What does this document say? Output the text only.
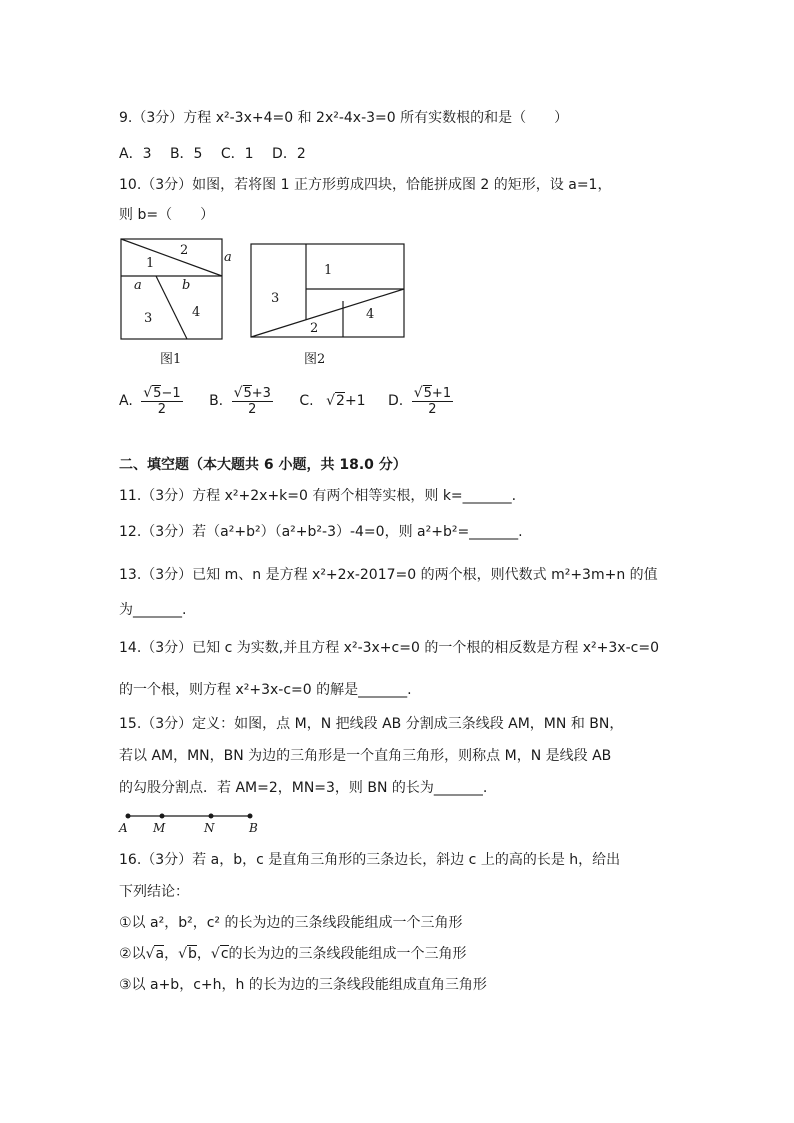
9.（3分）方程 x²-3x+4=0 和 2x²-4x-3=0 所有实数根的和是（　　）
A．3 B．5 C．1 D．2
10.（3分）如图，若将图 1 正方形剪成四块，恰能拼成图 2 的矩形，设 a=1，
则 b=（　　）
2
1	a
a	b
3	4
图1
3
1
2
4
图2
A. $\frac{√5-1}{2} B$. $\frac{√5+3}{2} C$. √2+1 D. $\frac{√5+1}{2}$
二、填空题（本大题共 6 小题，共 18.0 分）
11.（3分）方程 x²+2x+k=0 有两个相等实根，则 k=_______.
12.（3分）若（a²+b²）（a²+b²-3）-4=0，则 a²+b²=_______.
13.（3分）已知 m、n 是方程 x²+2x-2017=0 的两个根，则代数式 m²+3m+n 的值
为_______.
14.（3分）已知 c 为实数,并且方程 x²-3x+c=0 的一个根的相反数是方程 x²+3x-c=0
的一个根，则方程 x²+3x-c=0 的解是_______.
15.（3分）定义：如图，点 M，N 把线段 AB 分割成三条线段 AM，MN 和 BN，
若以 AM，MN，BN 为边的三角形是一个直角三角形，则称点 M，N 是线段 AB
的勾股分割点．若 AM=2，MN=3，则 BN 的长为_______.
A M	N	B
16.（3分）若 a，b，c 是直角三角形的三条边长，斜边 c 上的高的长是 h，给出
下列结论：
①以 a²，b²，c² 的长为边的三条线段能组成一个三角形
②以√a，√b，√c的长为边的三条线段能组成一个三角形
③以 a+b，c+h，h 的长为边的三条线段能组成直角三角形
